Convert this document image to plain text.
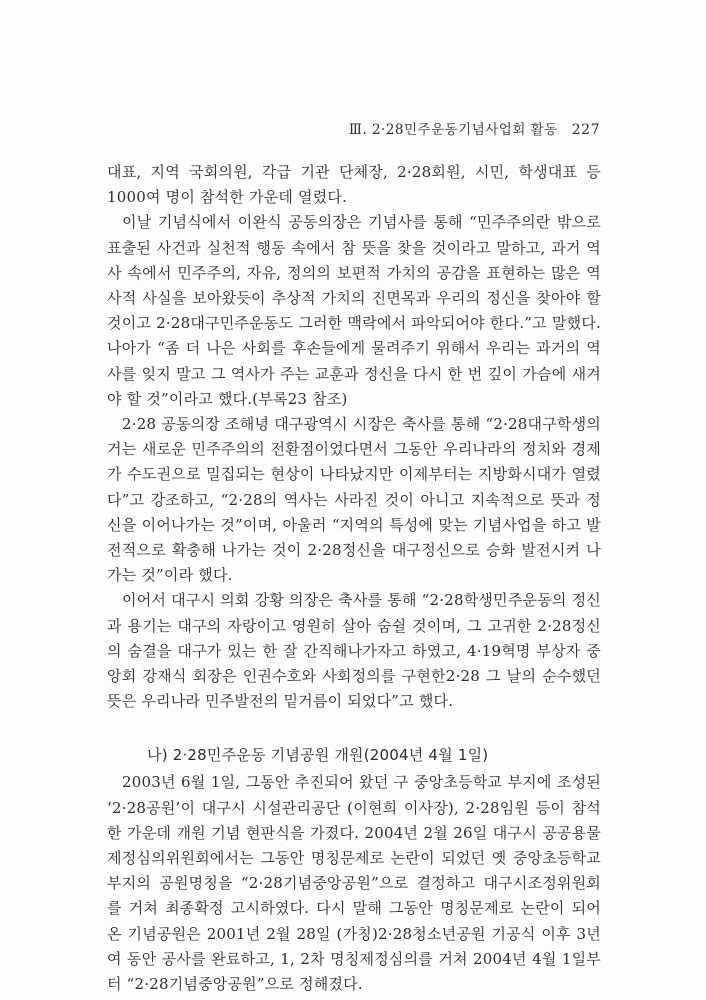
Ⅲ. 2·28민주운동기념사업회 활동 227

대표, 지역 국회의원, 각급 기관 단체장, 2·28회원, 시민, 학생대표 등 1000여 명이 참석한 가운데 열렸다.

이날 기념식에서 이완식 공동의장은 기념사를 통해 “민주주의란 밖으로 표출된 사건과 실천적 행동 속에서 참 뜻을 찾을 것이라고 말하고, 과거 역사 속에서 민주주의, 자유, 정의의 보편적 가치의 공감을 표현하는 많은 역사적 사실을 보아왔듯이 추상적 가치의 진면목과 우리의 정신을 찾아야 할 것이고 2·28대구민주운동도 그러한 맥락에서 파악되어야 한다.”고 말했다. 나아가 “좀 더 나은 사회를 후손들에게 물려주기 위해서 우리는 과거의 역사를 잊지 말고 그 역사가 주는 교훈과 정신을 다시 한 번 깊이 가슴에 새겨야 할 것”이라고 했다.(부록23 참조)

2·28 공동의장 조해녕 대구광역시 시장은 축사를 통해 “2·28대구학생의거는 새로운 민주주의의 전환점이었다면서 그동안 우리나라의 정치와 경제가 수도권으로 밀집되는 현상이 나타났지만 이제부터는 지방화시대가 열렸다”고 강조하고, “2·28의 역사는 사라진 것이 아니고 지속적으로 뜻과 정신을 이어나가는 것”이며, 아울러 “지역의 특성에 맞는 기념사업을 하고 발전적으로 확충해 나가는 것이 2·28정신을 대구정신으로 승화 발전시켜 나가는 것”이라 했다.

이어서 대구시 의회 강황 의장은 축사를 통해 “2·28학생민주운동의 정신과 용기는 대구의 자랑이고 영원히 살아 숨쉴 것이며, 그 고귀한 2·28정신의 숨결을 대구가 있는 한 잘 간직해나가자고 하였고, 4·19혁명 부상자 중앙회 강재식 회장은 인권수호와 사회정의를 구현한2·28 그 날의 순수했던 뜻은 우리나라 민주발전의 밑거름이 되었다”고 했다.

나) 2·28민주운동 기념공원 개원(2004년 4월 1일)

2003년 6월 1일, 그동안 추진되어 왔던 구 중앙초등학교 부지에 조성된 ‘2·28공원’이 대구시 시설관리공단 (이현희 이사장), 2·28임원 등이 참석한 가운데 개원 기념 현판식을 가졌다. 2004년 2월 26일 대구시 공공용물제정심의위원회에서는 그동안 명칭문제로 논란이 되었던 옛 중앙초등학교 부지의 공원명칭을 “2·28기념중앙공원”으로 결정하고 대구시조정위원회를 거쳐 최종확정 고시하였다. 다시 말해 그동안 명칭문제로 논란이 되어 온 기념공원은 2001년 2월 28일 (가칭)2·28청소년공원 기공식 이후 3년여 동안 공사를 완료하고, 1, 2차 명칭제정심의를 거쳐 2004년 4월 1일부터 “2·28기념중앙공원”으로 정해졌다.
